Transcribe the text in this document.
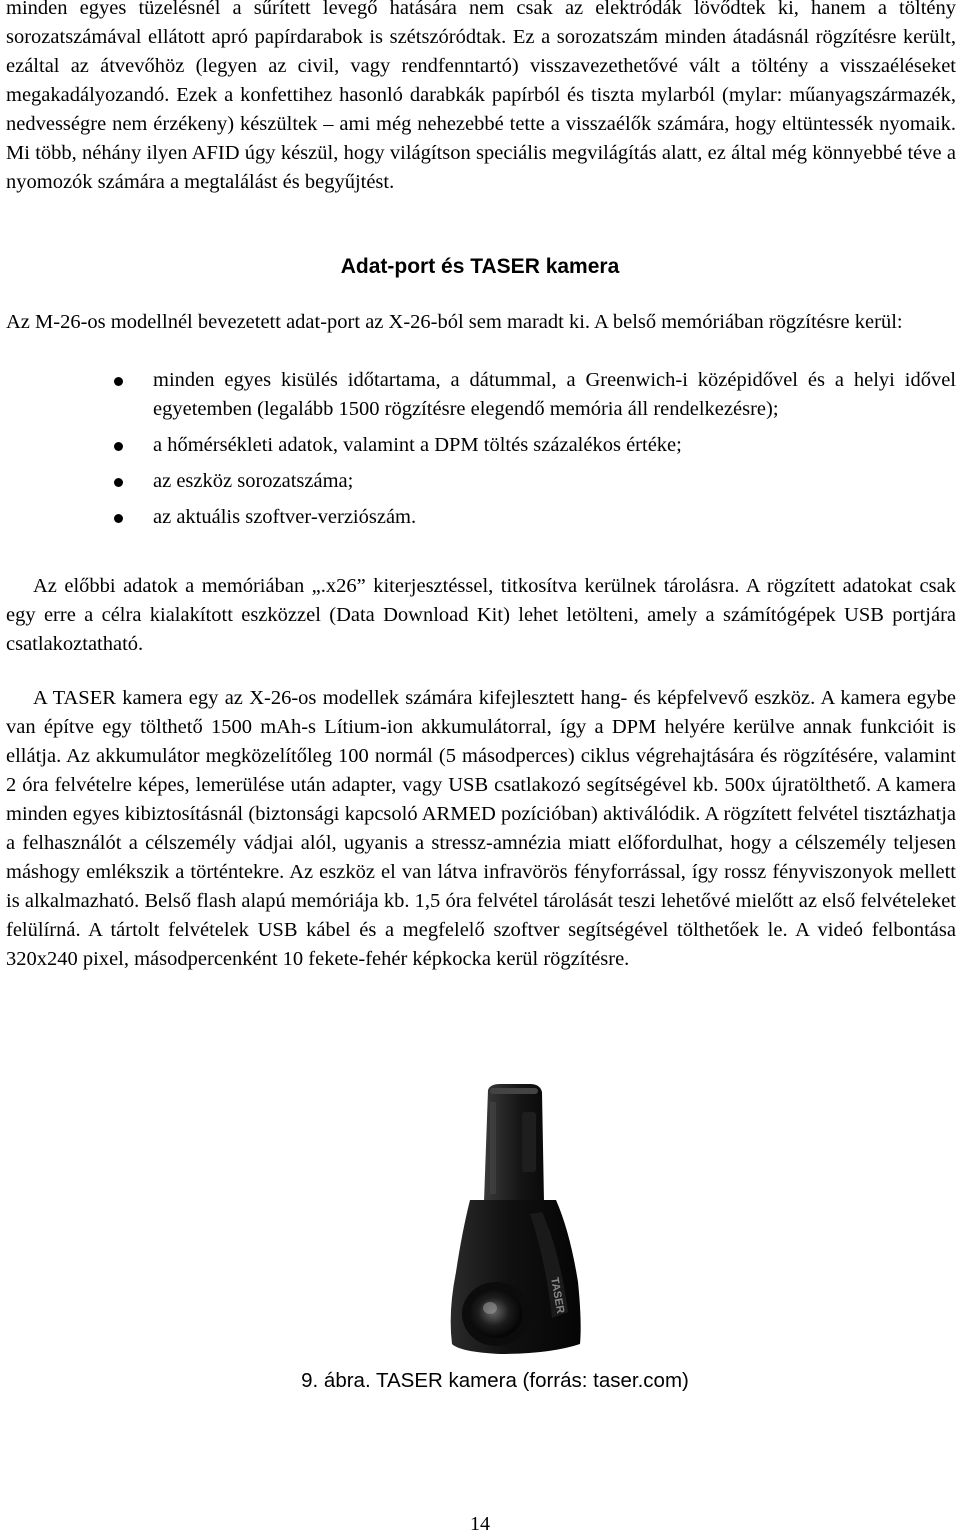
minden egyes tüzelésnél a sűrített levegő hatására nem csak az elektródák lövődtek ki, hanem a töltény sorozatszámával ellátott apró papírdarabok is szétszóródtak. Ez a sorozatszám minden átadásnál rögzítésre került, ezáltal az átvevőhöz (legyen az civil, vagy rendfenntartó) visszavezethetővé vált a töltény a visszaéléseket megakadályozandó. Ezek a konfettihez hasonló darabkák papírból és tiszta mylarból (mylar: műanyagszármazék, nedvességre nem érzékeny) készültek – ami még nehezebbé tette a visszaélők számára, hogy eltüntessék nyomaik. Mi több, néhány ilyen AFID úgy készül, hogy világítson speciális megvilágítás alatt, ez által még könnyebbé téve a nyomozók számára a megtalálást és begyűjtést.

Adat-port és TASER kamera

Az M-26-os modellnél bevezetett adat-port az X-26-ból sem maradt ki. A belső memóriában rögzítésre kerül:

minden egyes kisülés időtartama, a dátummal, a Greenwich-i középidővel és a helyi idővel egyetemben (legalább 1500 rögzítésre elegendő memória áll rendelkezésre);
a hőmérsékleti adatok, valamint a DPM töltés százalékos értéke;
az eszköz sorozatszáma;
az aktuális szoftver-verziószám.

Az előbbi adatok a memóriában „.x26” kiterjesztéssel, titkosítva kerülnek tárolásra. A rögzített adatokat csak egy erre a célra kialakított eszközzel (Data Download Kit) lehet letölteni, amely a számítógépek USB portjára csatlakoztatható.

A TASER kamera egy az X-26-os modellek számára kifejlesztett hang- és képfelvevő eszköz. A kamera egybe van építve egy tölthető 1500 mAh-s Lítium-ion akkumulátorral, így a DPM helyére kerülve annak funkcióit is ellátja. Az akkumulátor megközelítőleg 100 normál (5 másodperces) ciklus végrehajtására és rögzítésére, valamint 2 óra felvételre képes, lemerülése után adapter, vagy USB csatlakozó segítségével kb. 500x újratölthető. A kamera minden egyes kibiztosításnál (biztonsági kapcsoló ARMED pozícióban) aktiválódik. A rögzített felvétel tisztázhatja a felhasználót a célszemély vádjai alól, ugyanis a stressz-amnézia miatt előfordulhat, hogy a célszemély teljesen máshogy emlékszik a történtekre. Az eszköz el van látva infravörös fényforrással, így rossz fényviszonyok mellett is alkalmazható. Belső flash alapú memóriája kb. 1,5 óra felvétel tárolását teszi lehetővé mielőtt az első felvételeket felülírná. A tártolt felvételek USB kábel és a megfelelő szoftver segítségével tölthetőek le. A videó felbontása 320x240 pixel, másodpercenként 10 fekete-fehér képkocka kerül rögzítésre.

TASER

9. ábra. TASER kamera (forrás: taser.com)

14
